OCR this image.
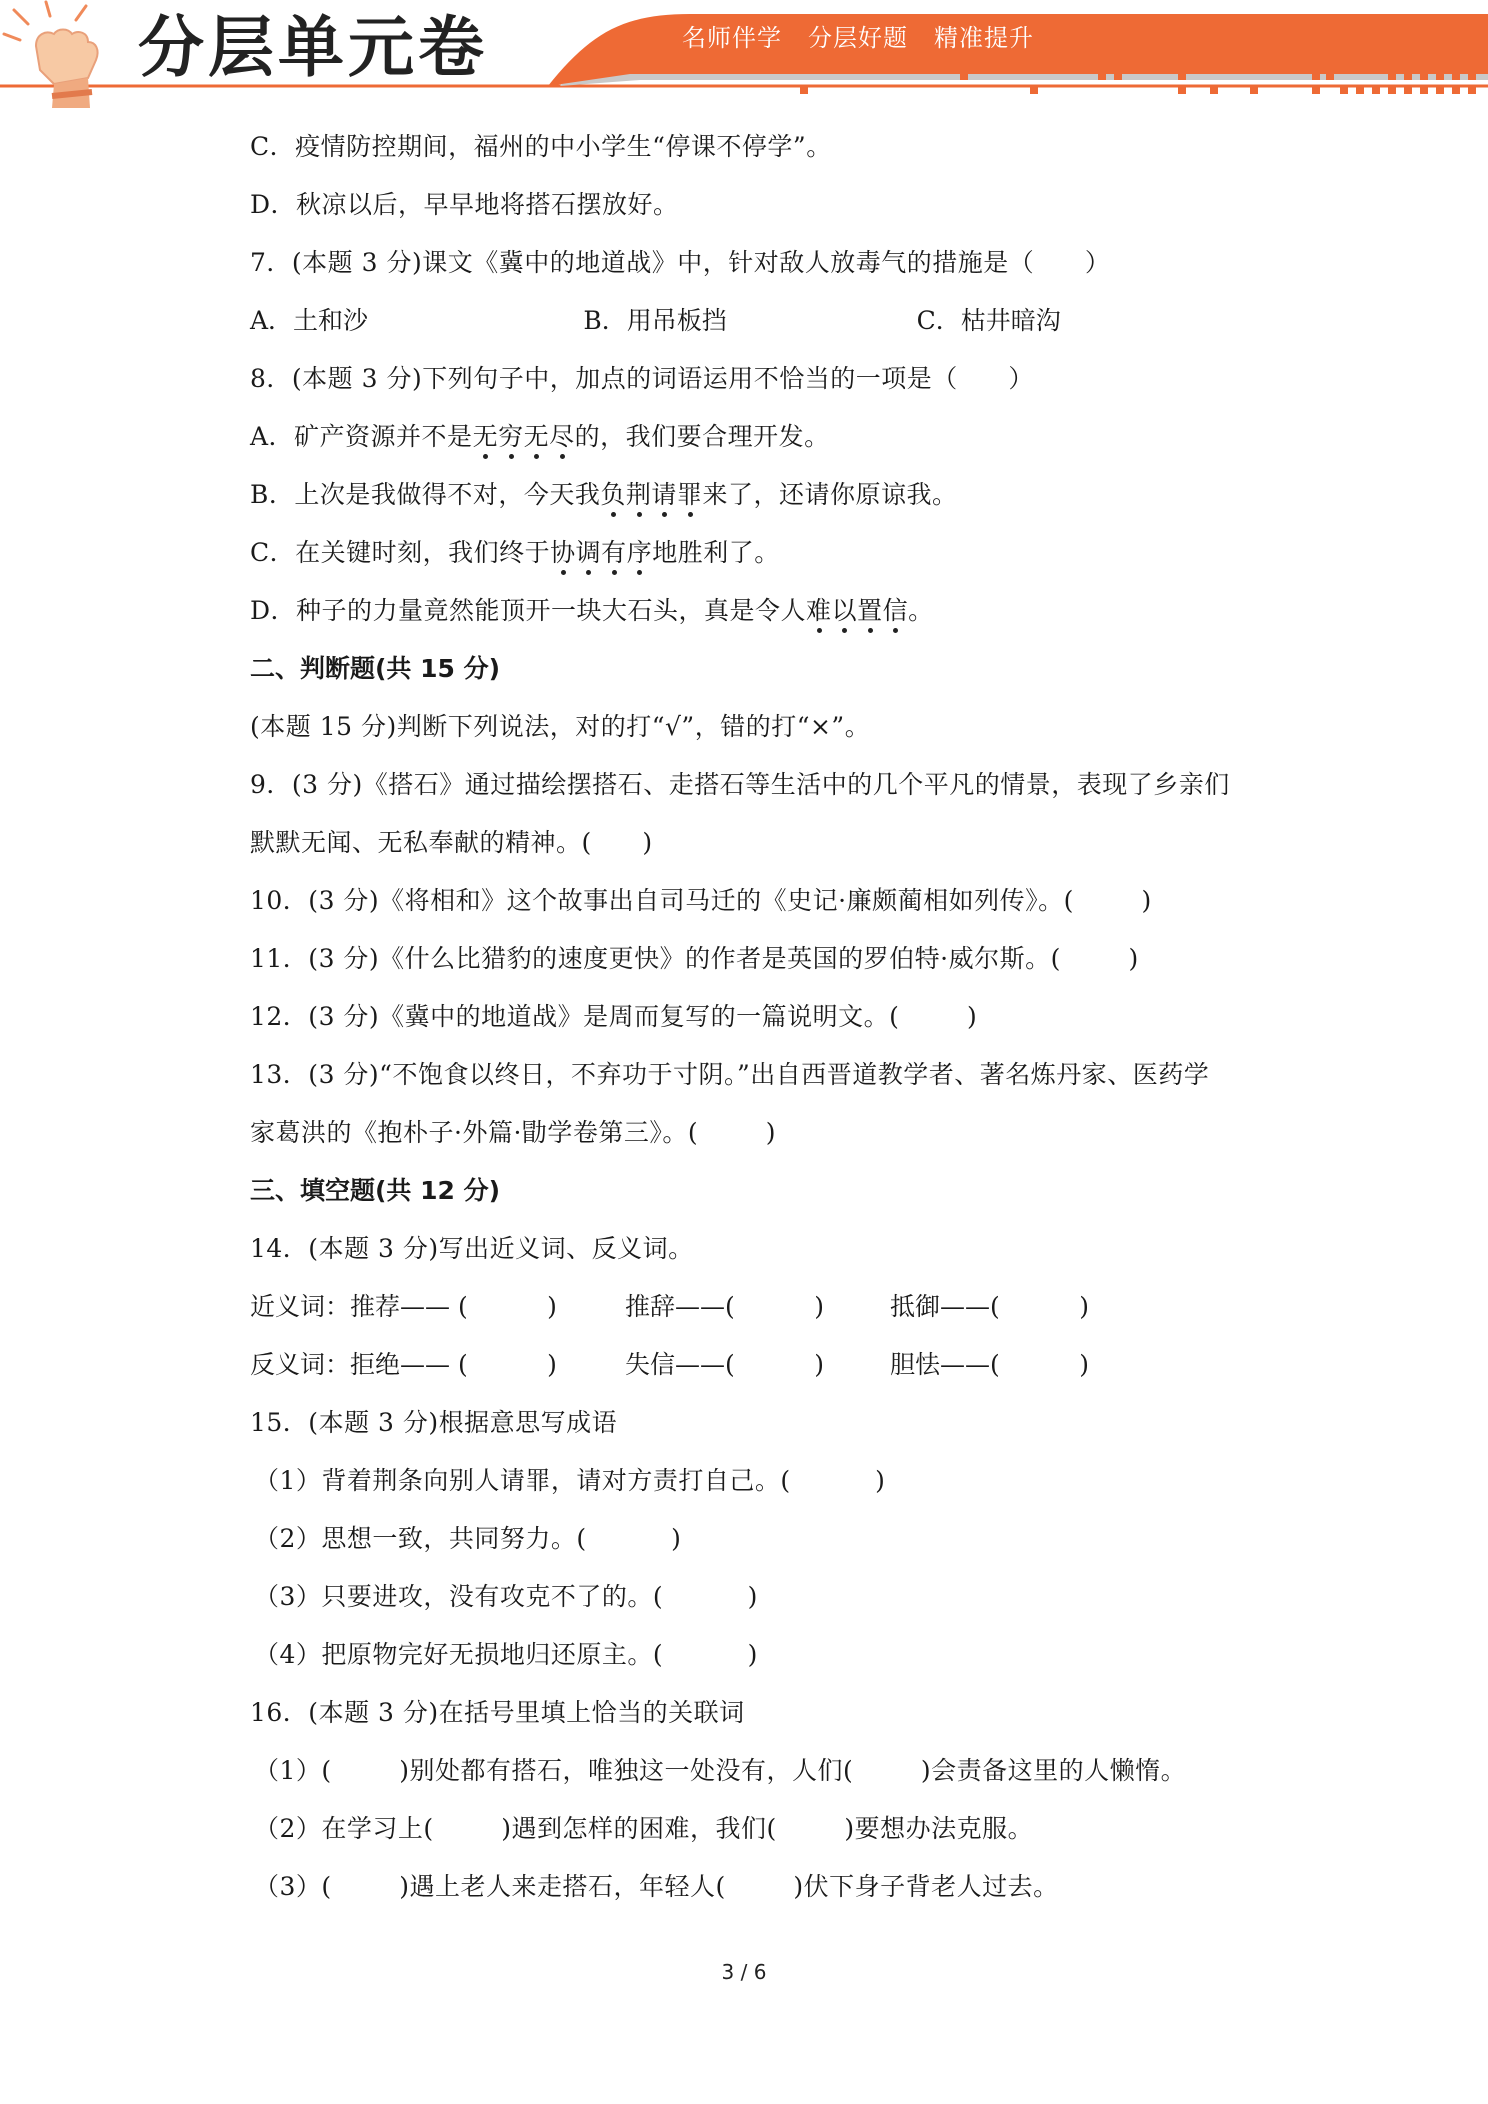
分层单元卷	名师伴学 分层好题 精准提升
C．疫情防控期间，福州的中小学生“停课不停学”。
D．秋凉以后，早早地将搭石摆放好。
7．(本题 3 分)课文《冀中的地道战》中，针对敌人放毒气的措施是（      ）
A．土和沙	B．用吊板挡	C．枯井暗沟
8．(本题 3 分)下列句子中，加点的词语运用不恰当的一项是（      ）
A．矿产资源并不是无穷无尽的，我们要合理开发。
B．上次是我做得不对，今天我负荆请罪来了，还请你原谅我。
C．在关键时刻，我们终于协调有序地胜利了。
D．种子的力量竟然能顶开一块大石头，真是令人难以置信。
二、判断题(共 15 分)
(本题 15 分)判断下列说法，对的打“√”，错的打“×”。
9．(3 分)《搭石》通过描绘摆搭石、走搭石等生活中的几个平凡的情景，表现了乡亲们
默默无闻、无私奉献的精神。(      )
10．(3 分)《将相和》这个故事出自司马迁的《史记·廉颇蔺相如列传》。(        )
11．(3 分)《什么比猎豹的速度更快》的作者是英国的罗伯特·威尔斯。(        )
12．(3 分)《冀中的地道战》是周而复写的一篇说明文。(        )
13．(3 分)“不饱食以终日，不弃功于寸阴。”出自西晋道教学者、著名炼丹家、医药学
家葛洪的《抱朴子·外篇·勖学卷第三》。(        )
三、填空题(共 12 分)
14．(本题 3 分)写出近义词、反义词。
近义词：推荐—— (          )	推辞——(          )	抵御——(          )
反义词：拒绝—— (          )	失信——(          )	胆怯——(          )
15．(本题 3 分)根据意思写成语
（1）背着荆条向别人请罪，请对方责打自己。(          )
（2）思想一致，共同努力。(          )
（3）只要进攻，没有攻克不了的。(          )
（4）把原物完好无损地归还原主。(          )
16．(本题 3 分)在括号里填上恰当的关联词
（1）(        )别处都有搭石，唯独这一处没有，人们(        )会责备这里的人懒惰。
（2）在学习上(        )遇到怎样的困难，我们(        )要想办法克服。
（3）(        )遇上老人来走搭石，年轻人(        )伏下身子背老人过去。
3 / 6
